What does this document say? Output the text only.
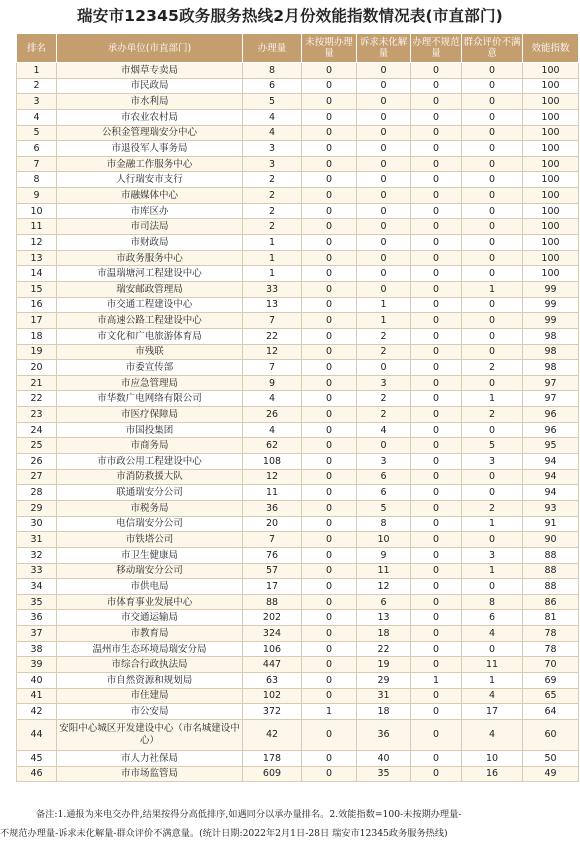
瑞安市12345政务服务热线2月份效能指数情况表(市直部门)
排名	承办单位(市直部门)	办理量	未按期办理量	诉求未化解量	办理不规范量	群众评价不满意	效能指数
1	市烟草专卖局	8	0	0	0	0	100
2	市民政局	6	0	0	0	0	100
3	市水利局	5	0	0	0	0	100
4	市农业农村局	4	0	0	0	0	100
5	公积金管理瑞安分中心	4	0	0	0	0	100
6	市退役军人事务局	3	0	0	0	0	100
7	市金融工作服务中心	3	0	0	0	0	100
8	人行瑞安市支行	2	0	0	0	0	100
9	市融媒体中心	2	0	0	0	0	100
10	市库区办	2	0	0	0	0	100
11	市司法局	2	0	0	0	0	100
12	市财政局	1	0	0	0	0	100
13	市政务服务中心	1	0	0	0	0	100
14	市温瑞塘河工程建设中心	1	0	0	0	0	100
15	瑞安邮政管理局	33	0	0	0	1	99
16	市交通工程建设中心	13	0	1	0	0	99
17	市高速公路工程建设中心	7	0	1	0	0	99
18	市文化和广电旅游体育局	22	0	2	0	0	98
19	市残联	12	0	2	0	0	98
20	市委宣传部	7	0	0	0	2	98
21	市应急管理局	9	0	3	0	0	97
22	市华数广电网络有限公司	4	0	2	0	1	97
23	市医疗保障局	26	0	2	0	2	96
24	市国投集团	4	0	4	0	0	96
25	市商务局	62	0	0	0	5	95
26	市市政公用工程建设中心	108	0	3	0	3	94
27	市消防救援大队	12	0	6	0	0	94
28	联通瑞安分公司	11	0	6	0	0	94
29	市税务局	36	0	5	0	2	93
30	电信瑞安分公司	20	0	8	0	1	91
31	市铁塔公司	7	0	10	0	0	90
32	市卫生健康局	76	0	9	0	3	88
33	移动瑞安分公司	57	0	11	0	1	88
34	市供电局	17	0	12	0	0	88
35	市体育事业发展中心	88	0	6	0	8	86
36	市交通运输局	202	0	13	0	6	81
37	市教育局	324	0	18	0	4	78
38	温州市生态环境局瑞安分局	106	0	22	0	0	78
39	市综合行政执法局	447	0	19	0	11	70
40	市自然资源和规划局	63	0	29	1	1	69
41	市住建局	102	0	31	0	4	65
42	市公安局	372	1	18	0	17	64
44	安阳中心城区开发建设中心（市名城建设中心）	42	0	36	0	4	60
45	市人力社保局	178	0	40	0	10	50
46	市市场监管局	609	0	35	0	16	49

备注:1.通报为来电交办件,结果按得分高低排序,如遇同分以承办量排名。2.效能指数=100-未按期办理量-

不规范办理量-诉求未化解量-群众评价不满意量。(统计日期:2022年2月1日-28日 瑞安市12345政务服务热线)
